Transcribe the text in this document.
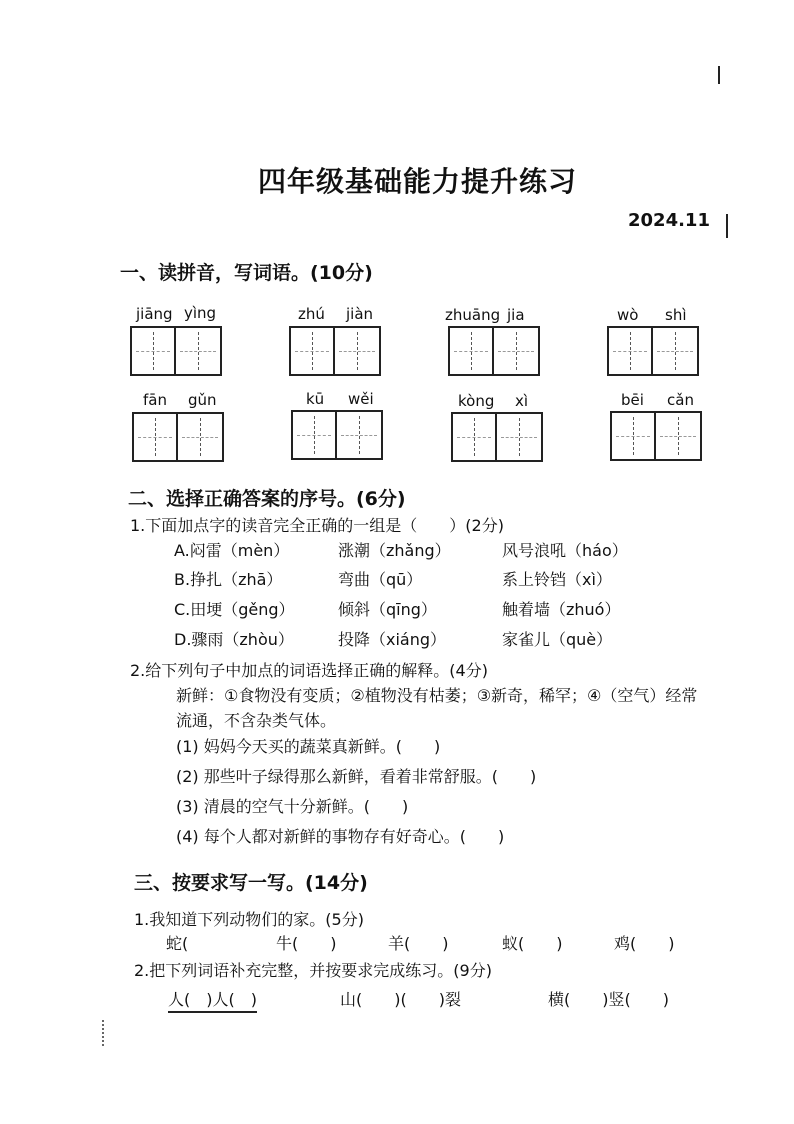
四年级基础能力提升练习
2024.11
一、读拼音，写词语。(10分)
jiāng yìng	zhú jiàn	zhuāng jia	wò shì
fān gǔn	kū wěi	kòng xì	bēi cǎn
二、选择正确答案的序号。(6分)
1.下面加点字的读音完全正确的一组是（　　）(2分)
A.闷雷（mèn）	涨潮（zhǎng）	风号浪吼（háo）
B.挣扎（zhā）	弯曲（qū）	系上铃铛（xì）
C.田埂（gěng）	倾斜（qīng）	触着墙（zhuó）
D.骤雨（zhòu）	投降（xiáng）	家雀儿（què）
2.给下列句子中加点的词语选择正确的解释。(4分)
新鲜：①食物没有变质；②植物没有枯萎；③新奇，稀罕；④（空气）经常
流通，不含杂类气体。
(1) 妈妈今天买的蔬菜真新鲜。(　　)
(2) 那些叶子绿得那么新鲜，看着非常舒服。(　　)
(3) 清晨的空气十分新鲜。(　　)
(4) 每个人都对新鲜的事物存有好奇心。(　　)
三、按要求写一写。(14分)
1.我知道下列动物们的家。(5分)
蛇(	牛(　　)	羊(　　)	蚁(　　)	鸡(　　)
2.把下列词语补充完整，并按要求完成练习。(9分)
人(　)人(　)	山(　　)(　　)裂	横(　　)竖(　　)
